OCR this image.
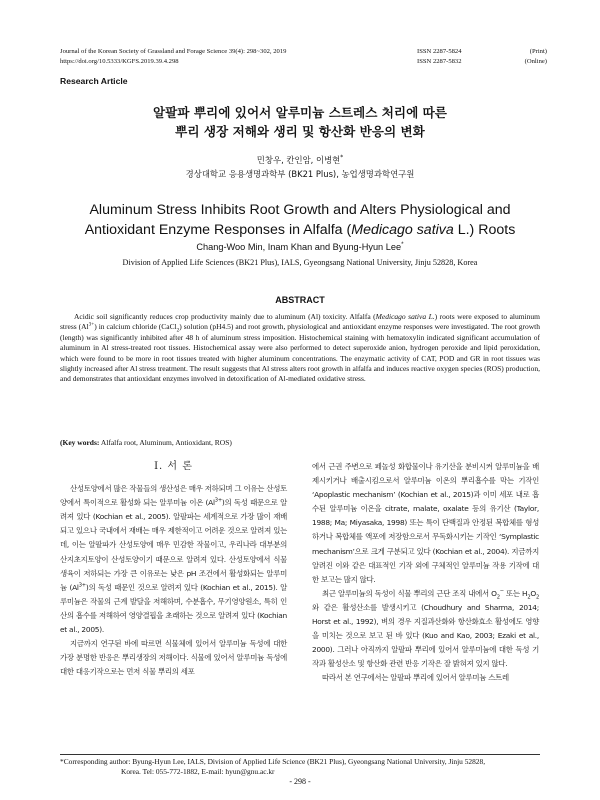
Journal of the Korean Society of Grassland and Forage Science 39(4): 298~302, 2019
https://doi.org/10.5333/KGFS.2019.39.4.298
ISSN 2287-5824	(Print)
ISSN 2287-5832	(Online)
Research Article
알팔파 뿌리에 있어서 알루미늄 스트레스 처리에 따른
뿌리 생장 저해와 생리 및 항산화 반응의 변화
민창우, 칸인암, 이병현*
경상대학교 응용생명과학부 (BK21 Plus), 농업생명과학연구원
Aluminum Stress Inhibits Root Growth and Alters Physiological and
Antioxidant Enzyme Responses in Alfalfa (Medicago sativa L.) Roots
Chang-Woo Min, Inam Khan and Byung-Hyun Lee*
Division of Applied Life Sciences (BK21 Plus), IALS, Gyeongsang National University, Jinju 52828, Korea
ABSTRACT
Acidic soil significantly reduces crop productivity mainly due to aluminum (Al) toxicity. Alfalfa (Medicago sativa L.) roots were exposed to aluminum stress $(Al^{3+})$ in calcium chloride (CaCl$_2$) solution (pH4.5) and root growth, physiological and antioxidant enzyme responses were investigated. The root growth (length) was significantly inhibited after 48 h of aluminum stress imposition. Histochemical staining with hematoxylin indicated significant accumulation of aluminum in Al stress-treated root tissues. Histochemical assay were also performed to detect superoxide anion, hydrogen peroxide and lipid peroxidation, which were found to be more in root tissues treated with higher aluminum concentrations. The enzymatic activity of CAT, POD and GR in root tissues was slightly increased after Al stress treatment. The result suggests that Al stress alters root growth in alfalfa and induces reactive oxygen species (ROS) production, and demonstrates that antioxidant enzymes involved in detoxification of Al-mediated oxidative stress.
(Key words: Alfalfa root, Aluminum, Antioxidant, ROS)
Ⅰ. 서 론

산성토양에서 많은 작물들의 생산성은 매우 저하되며 그 이유는 산성토양에서 특이적으로 활성화 되는 알루미늄 이온 $(Al^{3+})$의 독성 때문으로 알려져 있다 (Kochian et al., 2005). 알팔파는 세계적으로 가장 많이 재배되고 있으나 국내에서 재배는 매우 제한적이고 어려운 것으로 알려져 있는데, 이는 알팔파가 산성토양에 매우 민감한 작물이고, 우리나라 대부분의 산지초지토양이 산성토양이기 때문으로 알려져 있다. 산성토양에서 식물 생육이 저하되는 가장 큰 이유로는 낮은 pH 조건에서 활성화되는 알루미늄 $(Al^{3+})$의 독성 때문인 것으로 알려져 있다 (Kochian et al., 2015). 알루미늄은 작물의 근계 발달을 저해하며, 수분흡수, 무기영양원소, 특히 인산의 흡수를 저해하여 영양결핍을 초래하는 것으로 알려져 있다 (Kochian et al., 2005).

지금까지 연구된 바에 따르면 식물체에 있어서 알루미늄 독성에 대한 가장 분명한 반응은 뿌리생장의 저해이다. 식물에 있어서 알루미늄 독성에 대한 대응기작으로는 먼저 식물 뿌리의 세포

에서 근권 주변으로 페놀성 화합물이나 유기산을 분비시켜 알루미늄을 배제시키거나 배출시킴으로서 알루미늄 이온의 뿌리흡수를 막는 기작인 ‘Apoplastic mechanism’ (Kochian et al., 2015)과 이미 세포 내로 흡수된 알루미늄 이온을 citrate, malate, oxalate 등의 유기산 (Taylor, 1988; Ma; Miyasaka, 1998) 또는 특이 단백질과 안정된 복합체를 형성하거나 복합체를 액포에 저장함으로서 무독화시키는 기작인 ‘Symplastic mechanism’으로 크게 구분되고 있다 (Kochian et al., 2004). 지금까지 알려진 이와 같은 대표적인 기작 외에 구체적인 알루미늄 작용 기작에 대한 보고는 많지 않다.

최근 알루미늄의 독성이 식물 뿌리의 근단 조직 내에서 $O_2^-$ 또는 $H_2O_2$와 같은 활성산소를 발생시키고 (Choudhury and Sharma, 2014; Horst et al., 1992), 벼의 경우 지질과산화와 항산화효소 활성에도 영향을 미치는 것으로 보고 된 바 있다 (Kuo and Kao, 2003; Ezaki et al., 2000). 그러나 아직까지 알팔파 뿌리에 있어서 알루미늄에 대한 독성 기작과 활성산소 및 항산화 관련 반응 기작은 잘 밝혀져 있지 않다.

따라서 본 연구에서는 알팔파 뿌리에 있어서 알루미늄 스트레

*Corresponding author: Byung-Hyun Lee, IALS, Division of Applied Life Science (BK21 Plus), Gyeongsang National University, Jinju 52828,
Korea. Tel: 055-772-1882, E-mail: hyun@gnu.ac.kr
- 298 -
